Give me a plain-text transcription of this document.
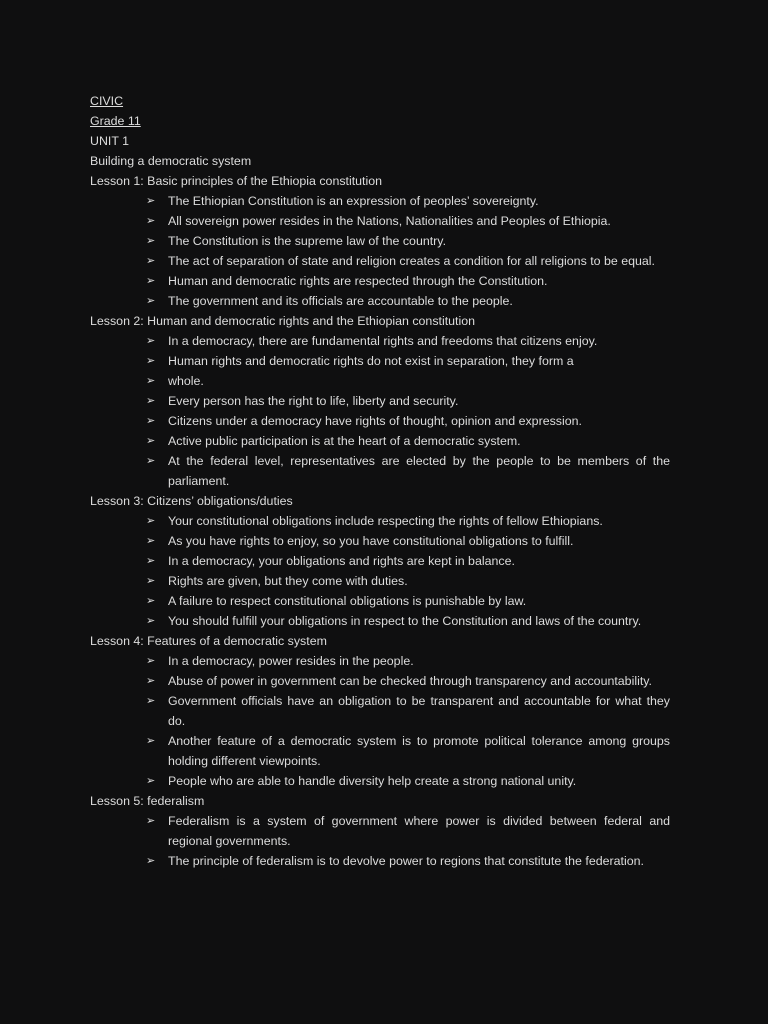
CIVIC
Grade 11
UNIT 1
Building a democratic system
Lesson 1: Basic principles of the Ethiopia constitution
➢	The Ethiopian Constitution is an expression of peoples’ sovereignty.
➢	All sovereign power resides in the Nations, Nationalities and Peoples of Ethiopia.
➢	The Constitution is the supreme law of the country.
➢	The act of separation of state and religion creates a condition for all religions to be equal.
➢	Human and democratic rights are respected through the Constitution.
➢	The government and its officials are accountable to the people.
Lesson 2: Human and democratic rights and the Ethiopian constitution
➢	In a democracy, there are fundamental rights and freedoms that citizens enjoy.
➢	Human rights and democratic rights do not exist in separation, they form a
➢	whole.
➢	Every person has the right to life, liberty and security.
➢	Citizens under a democracy have rights of thought, opinion and expression.
➢	Active public participation is at the heart of a democratic system.
➢	At the federal level, representatives are elected by the people to be members of the parliament.
Lesson 3: Citizens’ obligations/duties
➢	Your constitutional obligations include respecting the rights of fellow Ethiopians.
➢	As you have rights to enjoy, so you have constitutional obligations to fulfill.
➢	In a democracy, your obligations and rights are kept in balance.
➢	Rights are given, but they come with duties.
➢	A failure to respect constitutional obligations is punishable by law.
➢	You should fulfill your obligations in respect to the Constitution and laws of the country.
Lesson 4: Features of a democratic system
➢	In a democracy, power resides in the people.
➢	Abuse of power in government can be checked through transparency and accountability.
➢	Government officials have an obligation to be transparent and accountable for what they do.
➢	Another feature of a democratic system is to promote political tolerance among groups holding different viewpoints.
➢	People who are able to handle diversity help create a strong national unity.
Lesson 5: federalism
➢	Federalism is a system of government where power is divided between federal and regional governments.
➢	The principle of federalism is to devolve power to regions that constitute the federation.
